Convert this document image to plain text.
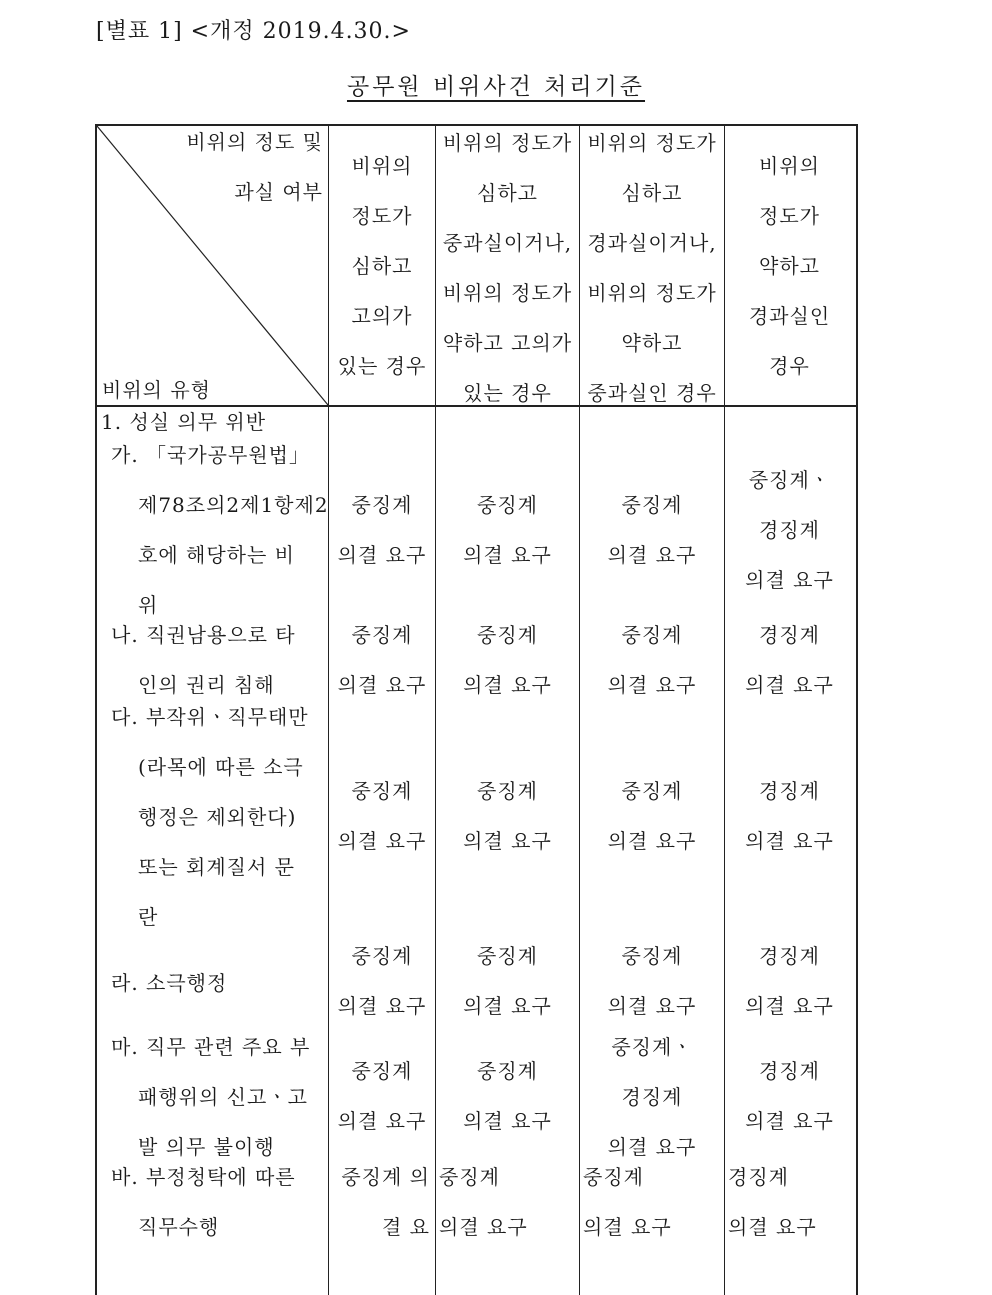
[별표 1] <개정 2019.4.30.>
공무원 비위사건 처리기준
비위의 정도 및
과실 여부
비위의 유형
비위의
정도가
심하고
고의가
있는 경우
비위의 정도가
심하고
중과실이거나,
비위의 정도가
약하고 고의가
있는 경우
비위의 정도가
심하고
경과실이거나,
비위의 정도가
약하고
중과실인 경우
비위의
정도가
약하고
경과실인
경우
1. 성실 의무 위반
가. 「국가공무원법」
제78조의2제1항제2
호에 해당하는 비
위
중징계
의결 요구
중징계
의결 요구
중징계
의결 요구
중징계ㆍ
경징계
의결 요구
나. 직권남용으로 타
인의 권리 침해
중징계
의결 요구
중징계
의결 요구
중징계
의결 요구
경징계
의결 요구
다. 부작위ㆍ직무태만
(라목에 따른 소극
행정은 제외한다)
또는 회계질서 문
란
중징계
의결 요구
중징계
의결 요구
중징계
의결 요구
경징계
의결 요구
라. 소극행정
중징계
의결 요구
중징계
의결 요구
중징계
의결 요구
경징계
의결 요구
마. 직무 관련 주요 부
패행위의 신고ㆍ고
발 의무 불이행
중징계
의결 요구
중징계
의결 요구
중징계ㆍ
경징계
의결 요구
경징계
의결 요구
바. 부정청탁에 따른
직무수행
중징계 의
결 요
중징계
의결 요구
중징계
의결 요구
경징계
의결 요구
